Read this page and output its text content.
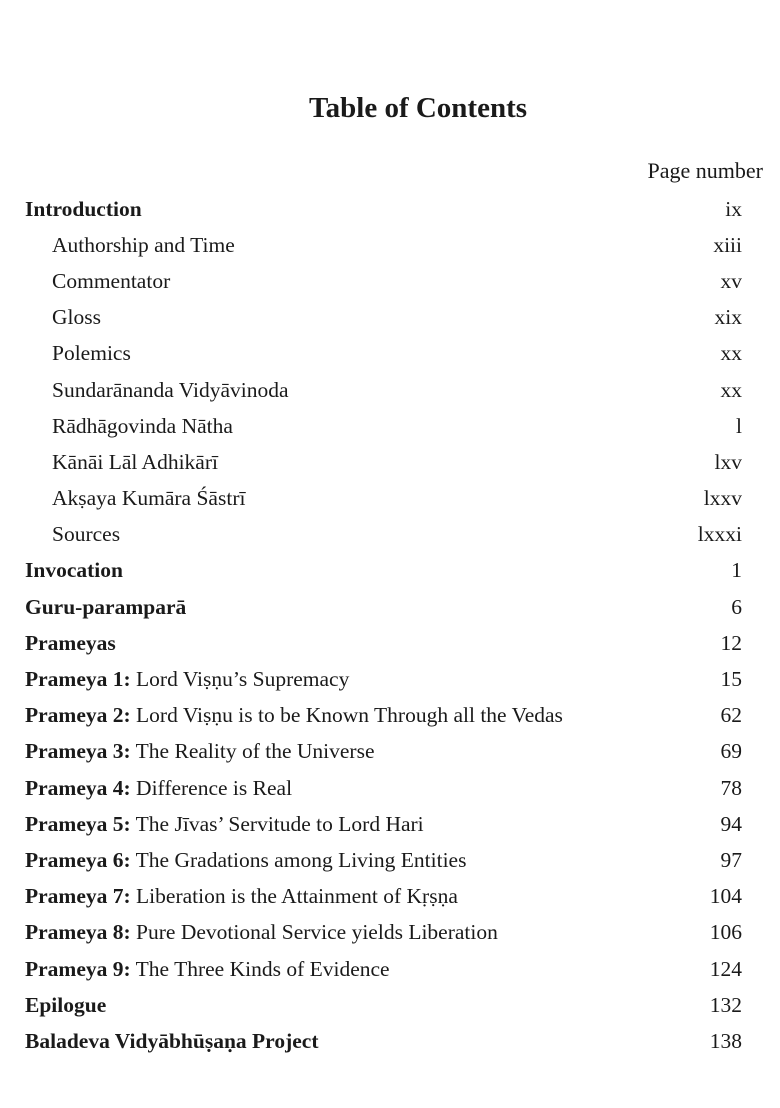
Table of Contents
Page number
Introduction	ix
Authorship and Time	xiii
Commentator	xv
Gloss	xix
Polemics	xx
Sundarānanda Vidyāvinoda	xx
Rādhāgovinda Nātha	l
Kānāi Lāl Adhikārī	lxv
Akṣaya Kumāra Śāstrī	lxxv
Sources	lxxxi
Invocation	1
Guru-paramparā	6
Prameyas	12
Prameya 1: Lord Viṣṇu’s Supremacy	15
Prameya 2: Lord Viṣṇu is to be Known Through all the Vedas	62
Prameya 3: The Reality of the Universe	69
Prameya 4: Difference is Real	78
Prameya 5: The Jīvas’ Servitude to Lord Hari	94
Prameya 6: The Gradations among Living Entities	97
Prameya 7: Liberation is the Attainment of Kṛṣṇa	104
Prameya 8: Pure Devotional Service yields Liberation	106
Prameya 9: The Three Kinds of Evidence	124
Epilogue	132
Baladeva Vidyābhūṣaṇa Project	138
